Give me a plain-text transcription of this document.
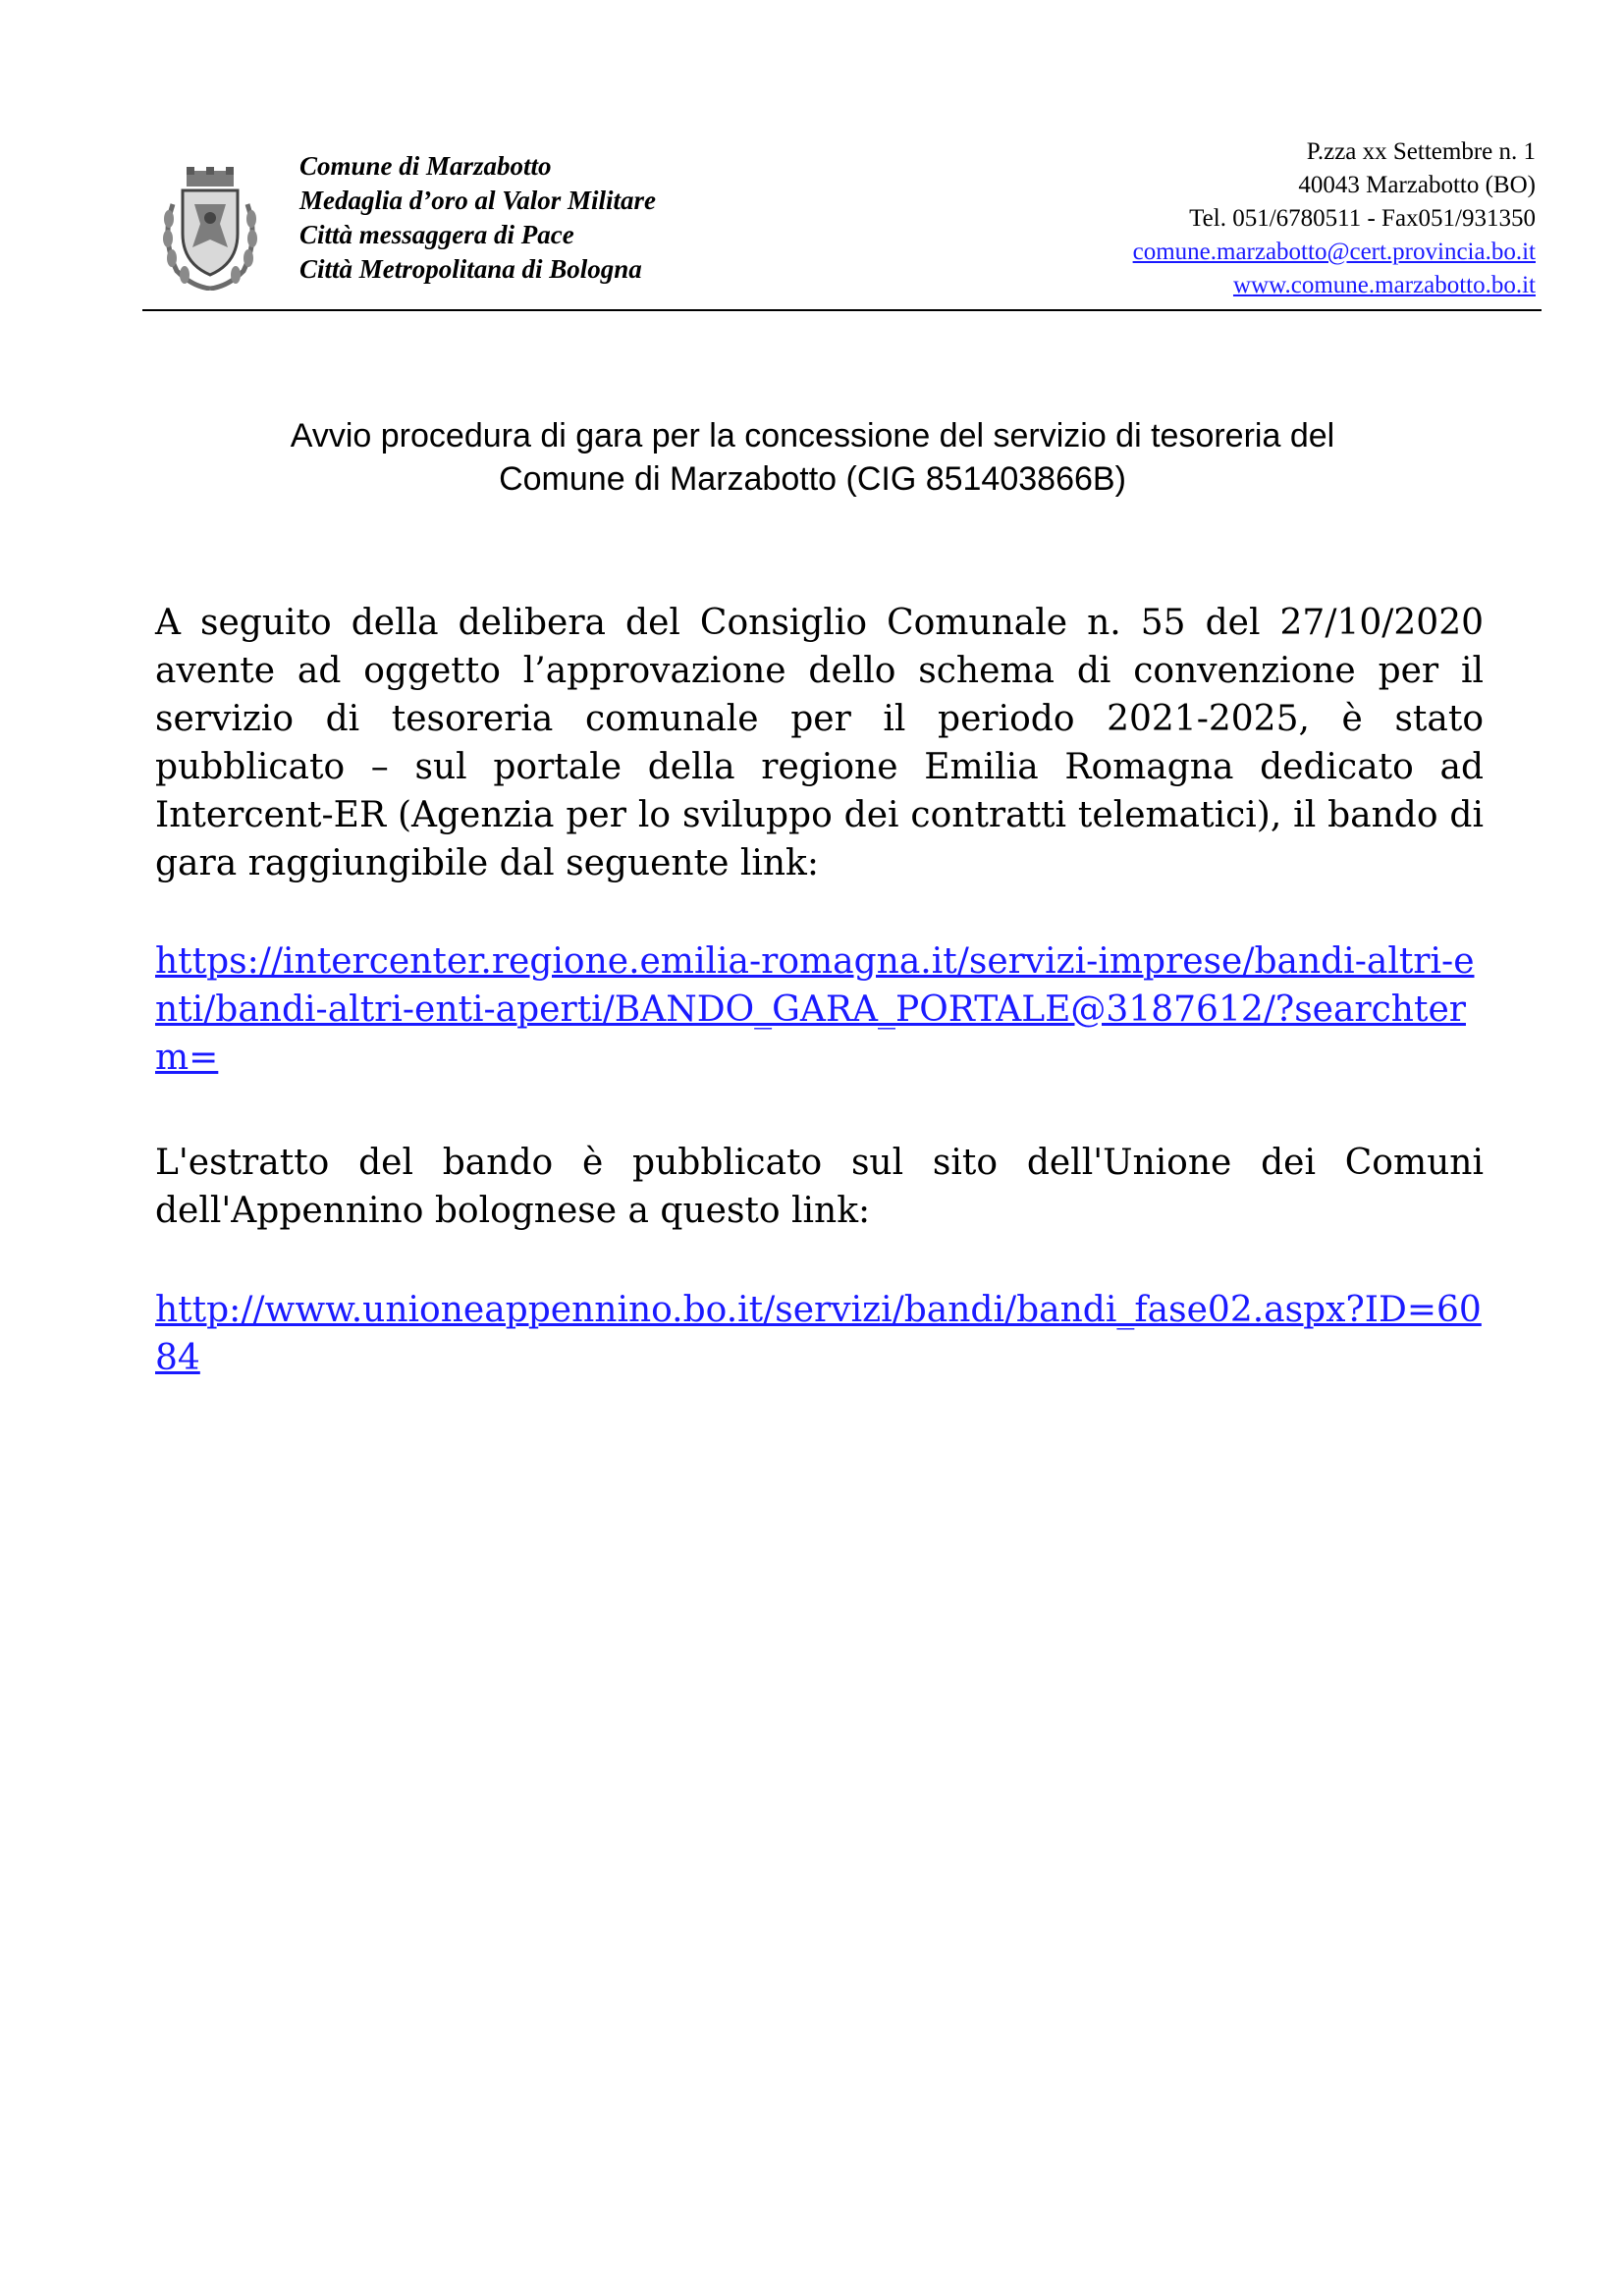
Comune di Marzabotto
Medaglia d’oro al Valor Militare
Città messaggera di Pace
Città Metropolitana di Bologna
P.zza xx Settembre n. 1
40043 Marzabotto (BO)
Tel. 051/6780511 - Fax051/931350
comune.marzabotto@cert.provincia.bo.it
www.comune.marzabotto.bo.it
Avvio procedura di gara per la concessione del servizio di tesoreria del
Comune di Marzabotto (CIG 851403866B)
A seguito della delibera del Consiglio Comunale n. 55 del 27/10/2020 avente ad oggetto l’approvazione dello schema di convenzione per il servizio di tesoreria comunale per il periodo 2021-2025, è stato pubblicato – sul portale della regione Emilia Romagna dedicato ad Intercent-ER (Agenzia per lo sviluppo dei contratti telematici), il bando di gara raggiungibile dal seguente link:
https://intercenter.regione.emilia-romagna.it/servizi-imprese/bandi-altri-enti/bandi-altri-enti-aperti/BANDO_GARA_PORTALE@3187612/?searchterm=
L'estratto del bando è pubblicato sul sito dell'Unione dei Comuni dell'Appennino bolognese a questo link:
http://www.unioneappennino.bo.it/servizi/bandi/bandi_fase02.aspx?ID=6084
